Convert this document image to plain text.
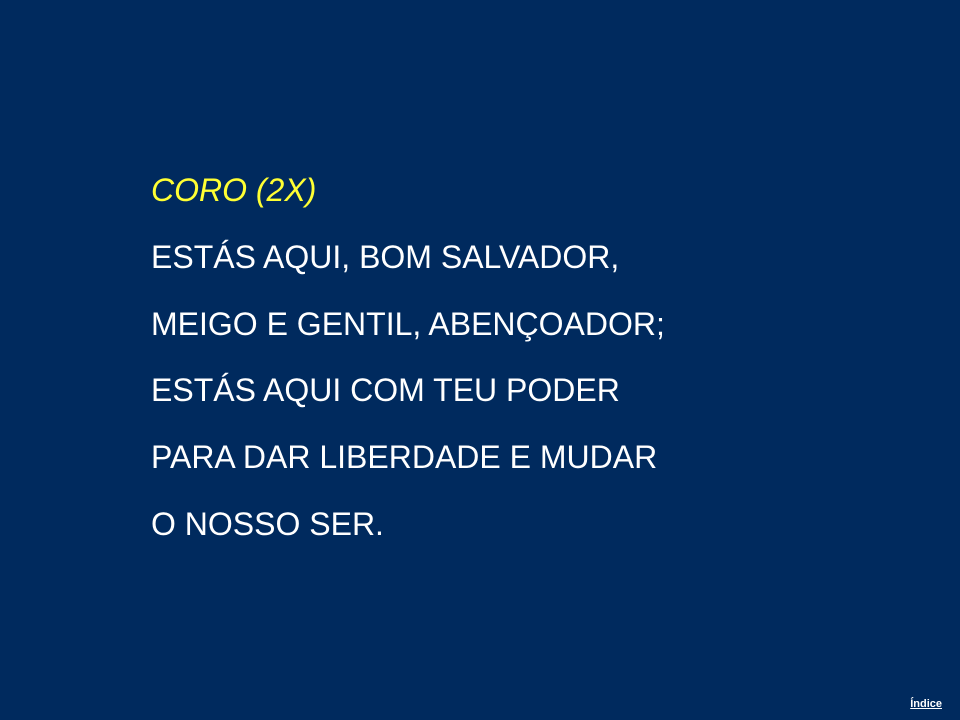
CORO (2X)
ESTÁS AQUI, BOM SALVADOR,
MEIGO E GENTIL, ABENÇOADOR;
ESTÁS AQUI COM TEU PODER
PARA DAR LIBERDADE E MUDAR
O NOSSO SER.
Índice
